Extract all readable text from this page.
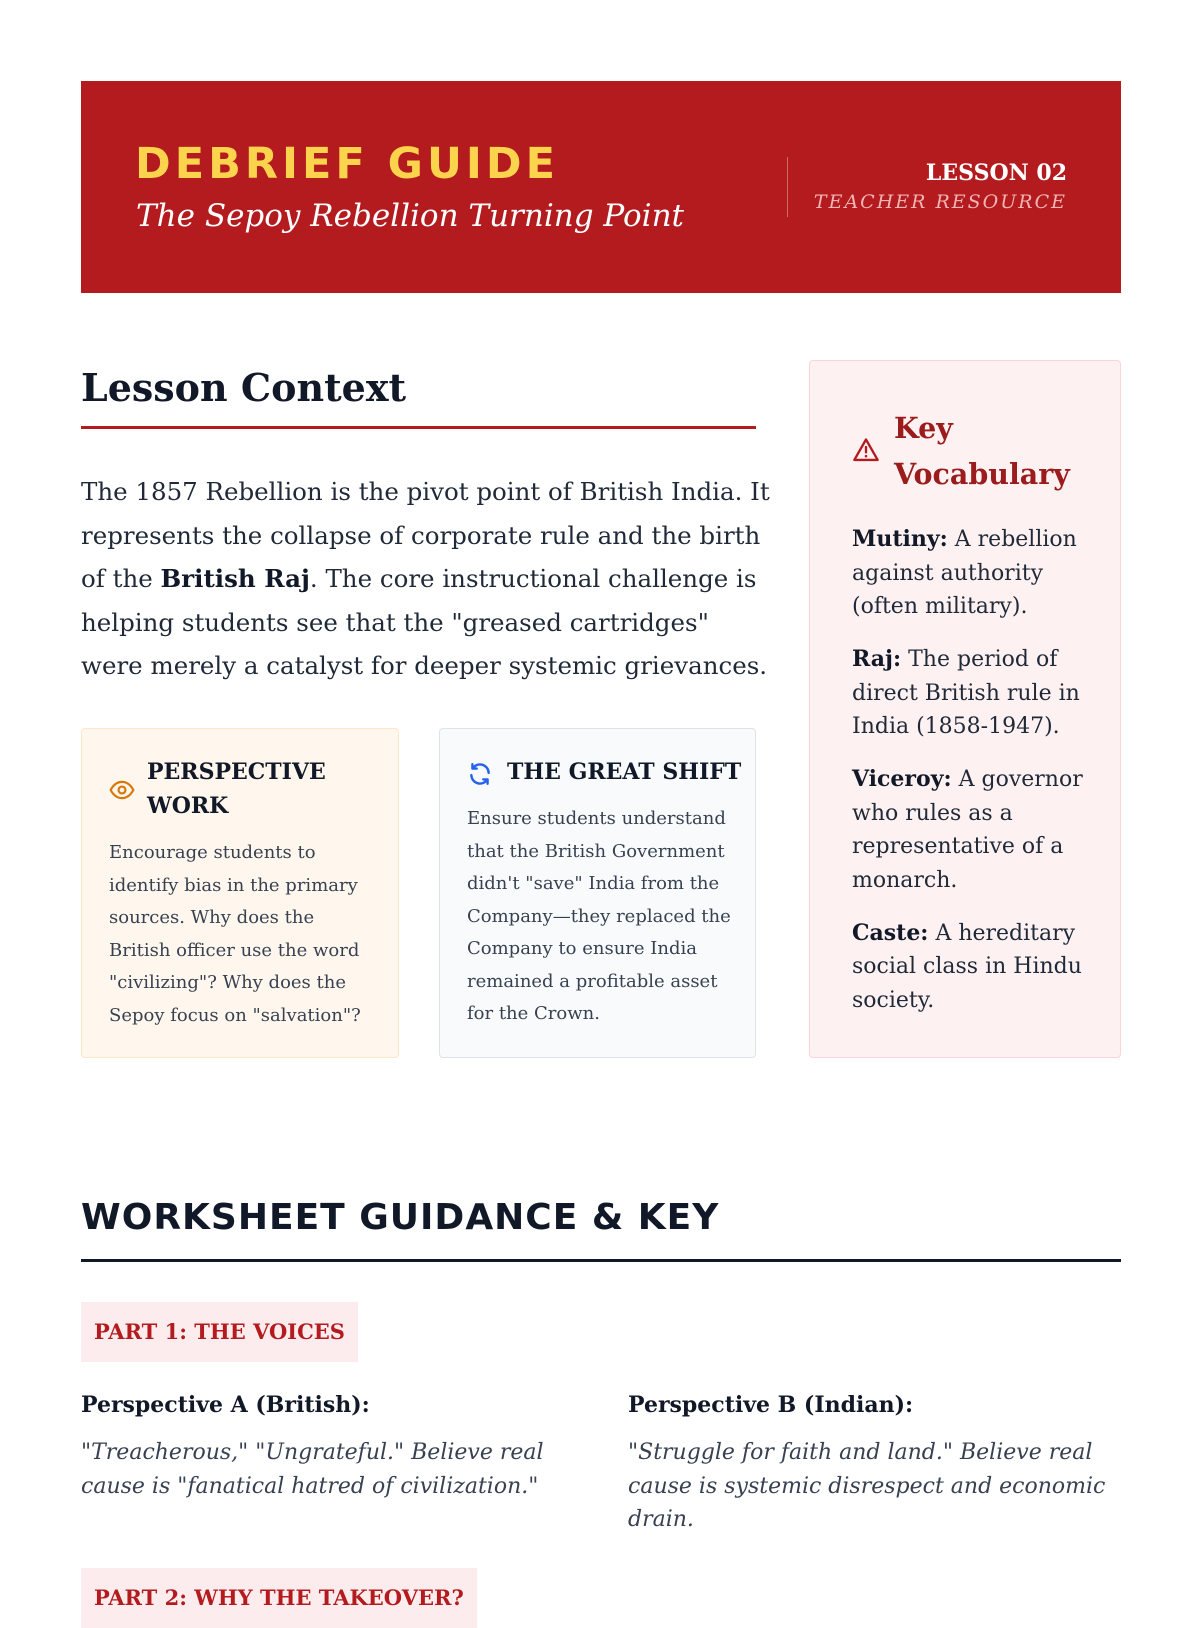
DEBRIEF GUIDE

The Sepoy Rebellion Turning Point

LESSON 02

TEACHER RESOURCE

Lesson Context

The 1857 Rebellion is the pivot point of British India. It represents the collapse of corporate rule and the birth of the British Raj. The core instructional challenge is helping students see that the "greased cartridges" were merely a catalyst for deeper systemic grievances.

PERSPECTIVE WORK

Encourage students to identify bias in the primary sources. Why does the British officer use the word "civilizing"? Why does the Sepoy focus on "salvation"?

THE GREAT SHIFT

Ensure students understand that the British Government didn't "save" India from the Company—they replaced the Company to ensure India remained a profitable asset for the Crown.

Key Vocabulary
Mutiny: A rebellion against authority (often military).
Raj: The period of direct British rule in India (1858-1947).
Viceroy: A governor who rules as a representative of a monarch.
Caste: A hereditary social class in Hindu society.
WORKSHEET GUIDANCE & KEY
PART 1: THE VOICES
Perspective A (British):

"Treacherous," "Ungrateful." Believe real cause is "fanatical hatred of civilization."

Perspective B (Indian):

"Struggle for faith and land." Believe real cause is systemic disrespect and economic drain.

PART 2: WHY THE TAKEOVER?
